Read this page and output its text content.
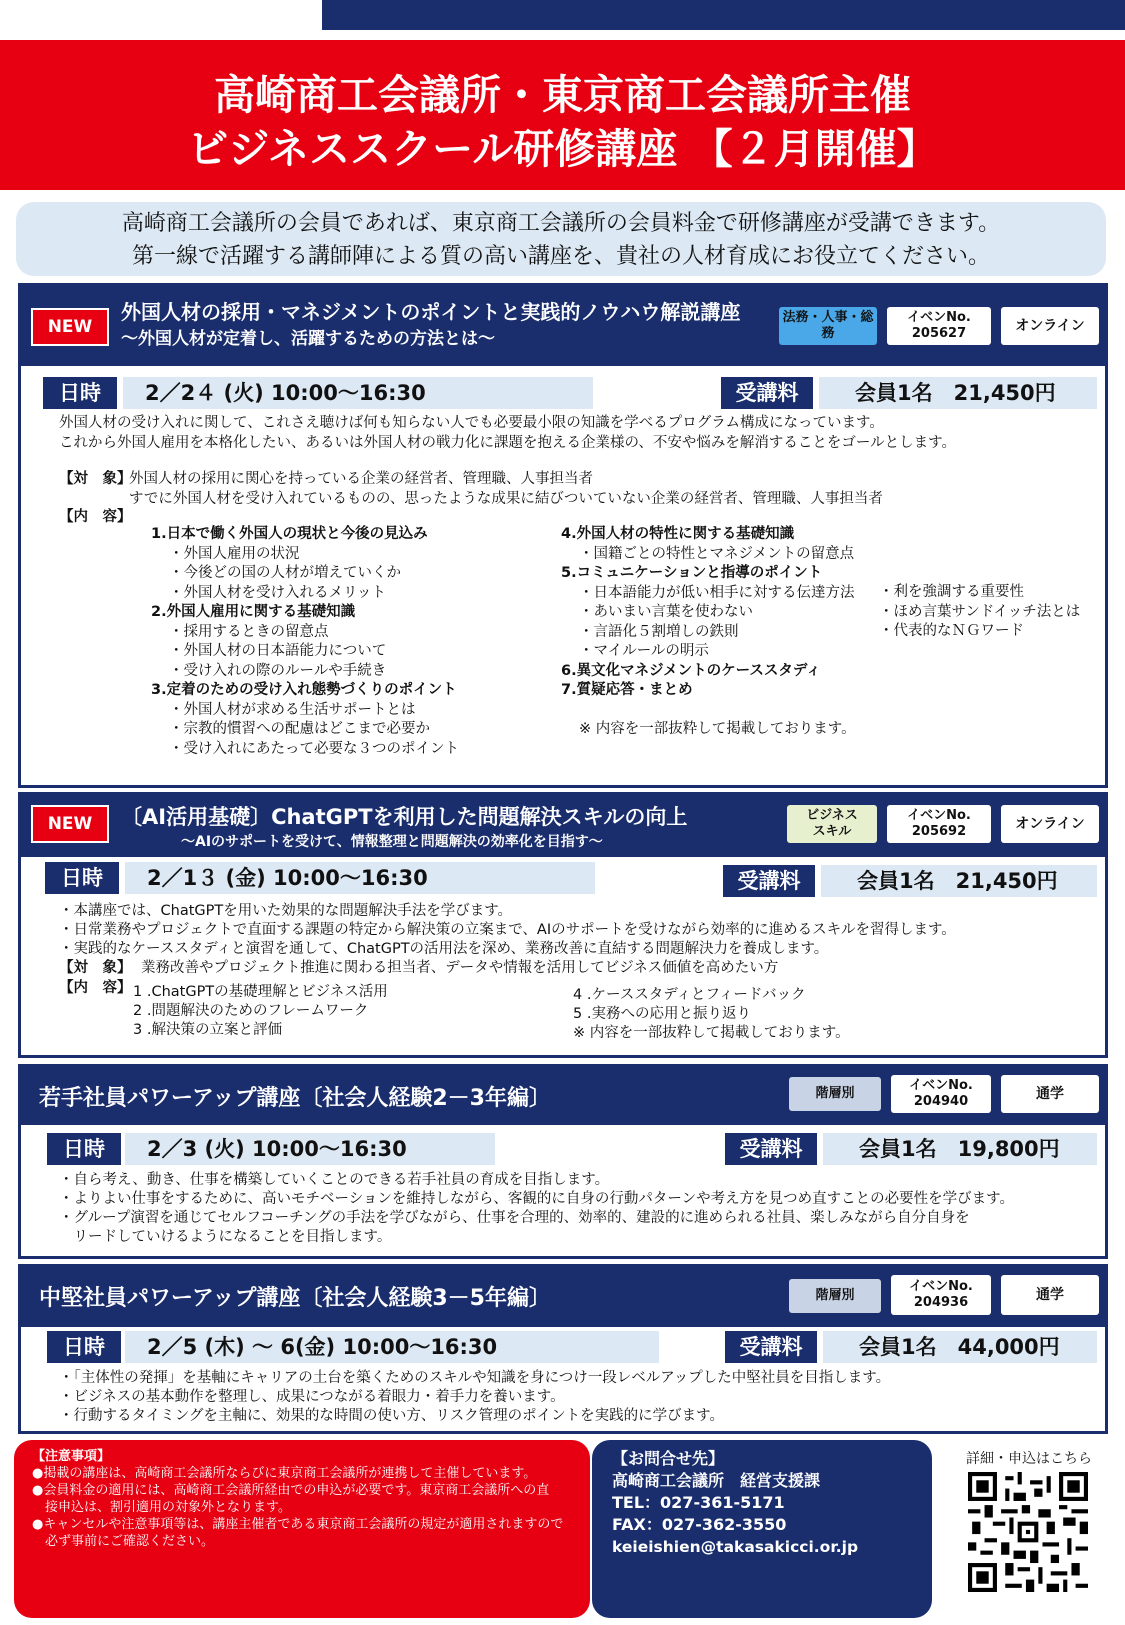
高崎商工会議所・東京商工会議所主催
ビジネススクール研修講座 【２月開催】
高崎商工会議所の会員であれば、東京商工会議所の会員料金で研修講座が受講できます。
第一線で活躍する講師陣による質の高い講座を、貴社の人材育成にお役立てください。
NEW
外国人材の採用・マネジメントのポイントと実践的ノウハウ解説講座
～外国人材が定着し、活躍するための方法とは～
法務・人事・総務
イベンNo.
205627	オンライン
日時	2／2４ (火) 10:00～16:30	受講料	会員1名　21,450円
外国人材の受け入れに関して、これさえ聴けば何も知らない人でも必要最小限の知識を学べるプログラム構成になっています。
これから外国人雇用を本格化したい、あるいは外国人材の戦力化に課題を抱える企業様の、不安や悩みを解消することをゴールとします。
【対　象】
外国人材の採用に関心を持っている企業の経営者、管理職、人事担当者
すでに外国人材を受け入れているものの、思ったような成果に結びついていない企業の経営者、管理職、人事担当者
【内　容】
1.日本で働く外国人の現状と今後の見込み
・外国人雇用の状況
・今後どの国の人材が増えていくか
・外国人材を受け入れるメリット
2.外国人雇用に関する基礎知識
・採用するときの留意点
・外国人材の日本語能力について
・受け入れの際のルールや手続き
3.定着のための受け入れ態勢づくりのポイント
・外国人材が求める生活サポートとは
・宗教的慣習への配慮はどこまで必要か
・受け入れにあたって必要な３つのポイント
4.外国人材の特性に関する基礎知識
・国籍ごとの特性とマネジメントの留意点
5.コミュニケーションと指導のポイント
・日本語能力が低い相手に対する伝達方法
・あいまい言葉を使わない
・言語化５割増しの鉄則
・マイルールの明示
6.異文化マネジメントのケーススタディ
7.質疑応答・まとめ
※ 内容を一部抜粋して掲載しております。
・利を強調する重要性
・ほめ言葉サンドイッチ法とは
・代表的なＮＧワード
NEW	〔AI活用基礎〕ChatGPTを利用した問題解決スキルの向上
～AIのサポートを受けて、情報整理と問題解決の効率化を目指す～
ビジネススキル
イベンNo.
205692	オンライン
日時	2／1３ (金) 10:00～16:30	受講料	会員1名　21,450円
・本講座では、ChatGPTを用いた効果的な問題解決手法を学びます。
・日常業務やプロジェクトで直面する課題の特定から解決策の立案まで、AIのサポートを受けながら効率的に進めるスキルを習得します。
・実践的なケーススタディと演習を通して、ChatGPTの活用法を深め、業務改善に直結する問題解決力を養成します。
【対　象】 業務改善やプロジェクト推進に関わる担当者、データや情報を活用してビジネス価値を高めたい方
【内　容】 1 .ChatGPTの基礎理解とビジネス活用
2 .問題解決のためのフレームワーク
3 .解決策の立案と評価
4 .ケーススタディとフィードバック
5 .実務への応用と振り返り
※ 内容を一部抜粋して掲載しております。
若手社員パワーアップ講座〔社会人経験2－3年編〕	階層別
イベンNo.
204940	通学
日時	2／3 (火) 10:00～16:30	受講料	会員1名　19,800円
・自ら考え、動き、仕事を構築していくことのできる若手社員の育成を目指します。
・よりよい仕事をするために、高いモチベーションを維持しながら、客観的に自身の行動パターンや考え方を見つめ直すことの必要性を学びます。
・グループ演習を通じてセルフコーチングの手法を学びながら、仕事を合理的、効率的、建設的に進められる社員、楽しみながら自分自身を
　リードしていけるようになることを目指します。
中堅社員パワーアップ講座〔社会人経験3－5年編〕	階層別
イベンNo.
204936	通学
日時	2／5 (木) ～ 6(金) 10:00～16:30	受講料	会員1名　44,000円
・「主体性の発揮」を基軸にキャリアの土台を築くためのスキルや知識を身につけ一段レベルアップした中堅社員を目指します。
・ビジネスの基本動作を整理し、成果につながる着眼力・着手力を養います。
・行動するタイミングを主軸に、効果的な時間の使い方、リスク管理のポイントを実践的に学びます。
【注意事項】
●掲載の講座は、高崎商工会議所ならびに東京商工会議所が連携して主催しています。
●会員料金の適用には、高崎商工会議所経由での申込が必要です。東京商工会議所への直
　接申込は、割引適用の対象外となります。
●キャンセルや注意事項等は、講座主催者である東京商工会議所の規定が適用されますので
　必ず事前にご確認ください。
【お問合せ先】
高崎商工会議所　経営支援課
TEL：027-361-5171
FAX：027-362-3550
keieishien@takasakicci.or.jp
詳細・申込はこちら
